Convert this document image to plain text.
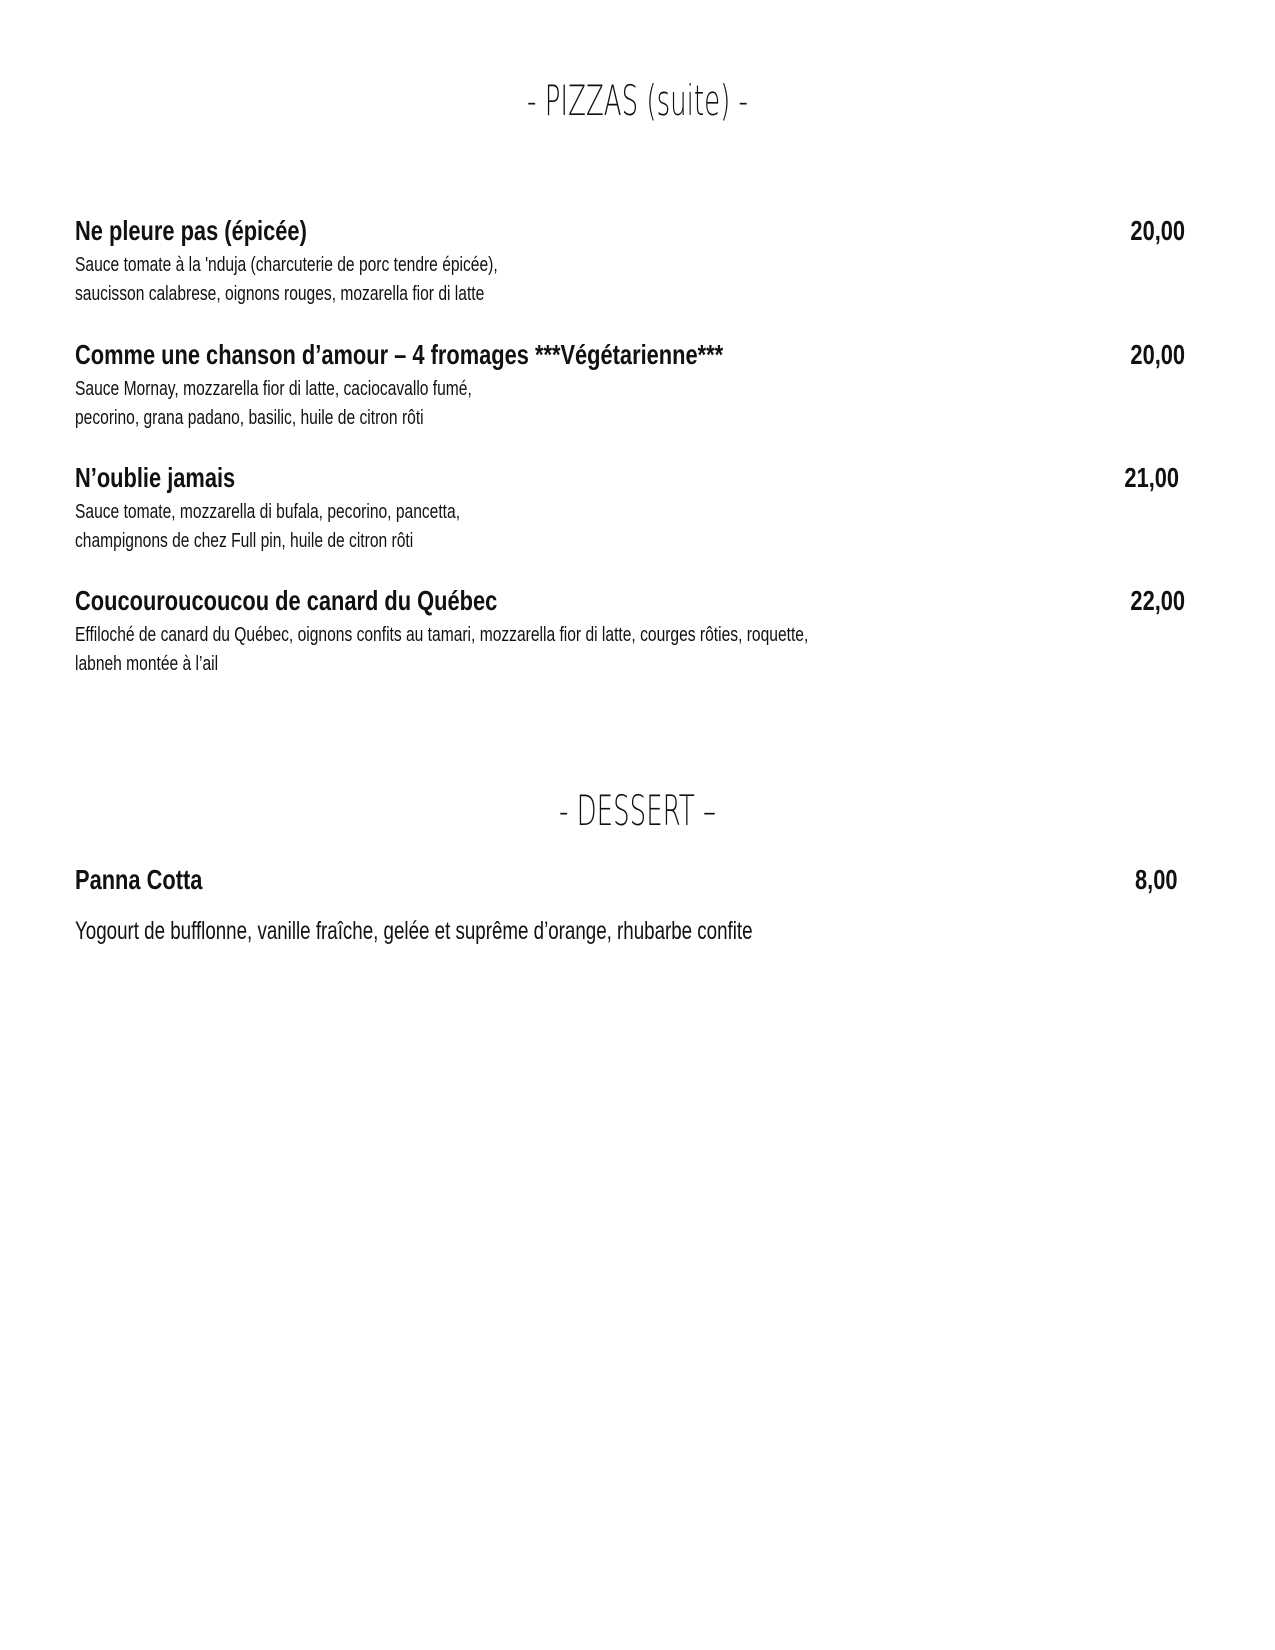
- PIZZAS (suite) -
Ne pleure pas (épicée)	20,00
Sauce tomate à la 'nduja (charcuterie de porc tendre épicée),
saucisson calabrese, oignons rouges, mozarella fior di latte
Comme une chanson d’amour – 4 fromages ***Végétarienne***	20,00
Sauce Mornay, mozzarella fior di latte, caciocavallo fumé,
pecorino, grana padano, basilic, huile de citron rôti
N’oublie jamais	21,00
Sauce tomate, mozzarella di bufala, pecorino, pancetta,
champignons de chez Full pin, huile de citron rôti
Coucouroucoucou de canard du Québec	22,00
Effiloché de canard du Québec, oignons confits au tamari, mozzarella fior di latte, courges rôties, roquette,
labneh montée à l’ail
- DESSERT –
Panna Cotta	8,00
Yogourt de bufflonne, vanille fraîche, gelée et suprême d’orange, rhubarbe confite
